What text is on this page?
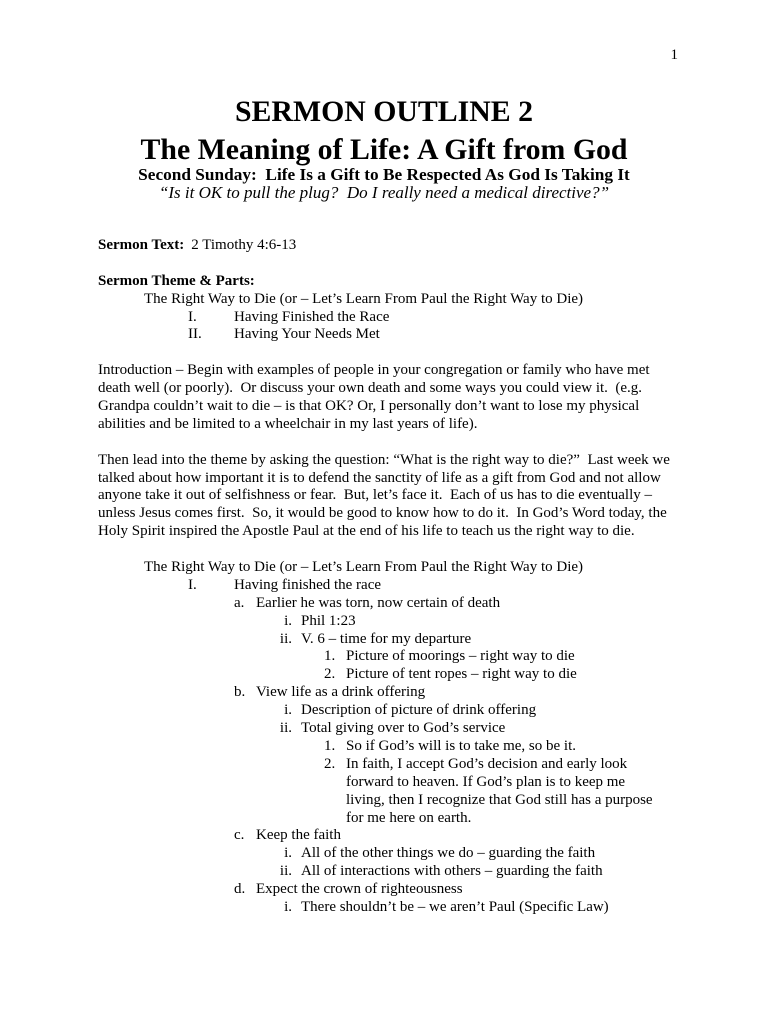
1
SERMON OUTLINE 2
The Meaning of Life: A Gift from God
Second Sunday:  Life Is a Gift to Be Respected As God Is Taking It
“Is it OK to pull the plug?  Do I really need a medical directive?”
Sermon Text: 2 Timothy 4:6-13
Sermon Theme & Parts:
The Right Way to Die (or – Let’s Learn From Paul the Right Way to Die)
I.	Having Finished the Race
II.	Having Your Needs Met
Introduction – Begin with examples of people in your congregation or family who have met
death well (or poorly).  Or discuss your own death and some ways you could view it.  (e.g.
Grandpa couldn’t wait to die – is that OK? Or, I personally don’t want to lose my physical
abilities and be limited to a wheelchair in my last years of life).
Then lead into the theme by asking the question: “What is the right way to die?”  Last week we
talked about how important it is to defend the sanctity of life as a gift from God and not allow
anyone take it out of selfishness or fear.  But, let’s face it.  Each of us has to die eventually –
unless Jesus comes first.  So, it would be good to know how to do it.  In God’s Word today, the
Holy Spirit inspired the Apostle Paul at the end of his life to teach us the right way to die.
The Right Way to Die (or – Let’s Learn From Paul the Right Way to Die)
I.	Having finished the race
a. Earlier he was torn, now certain of death
i. Phil 1:23
ii. V. 6 – time for my departure
1. Picture of moorings – right way to die
2. Picture of tent ropes – right way to die
b. View life as a drink offering
i. Description of picture of drink offering
ii. Total giving over to God’s service
1. So if God’s will is to take me, so be it.
2. In faith, I accept God’s decision and early look
forward to heaven. If God’s plan is to keep me
living, then I recognize that God still has a purpose
for me here on earth.
c. Keep the faith
i. All of the other things we do – guarding the faith
ii. All of interactions with others – guarding the faith
d. Expect the crown of righteousness
i. There shouldn’t be – we aren’t Paul (Specific Law)
